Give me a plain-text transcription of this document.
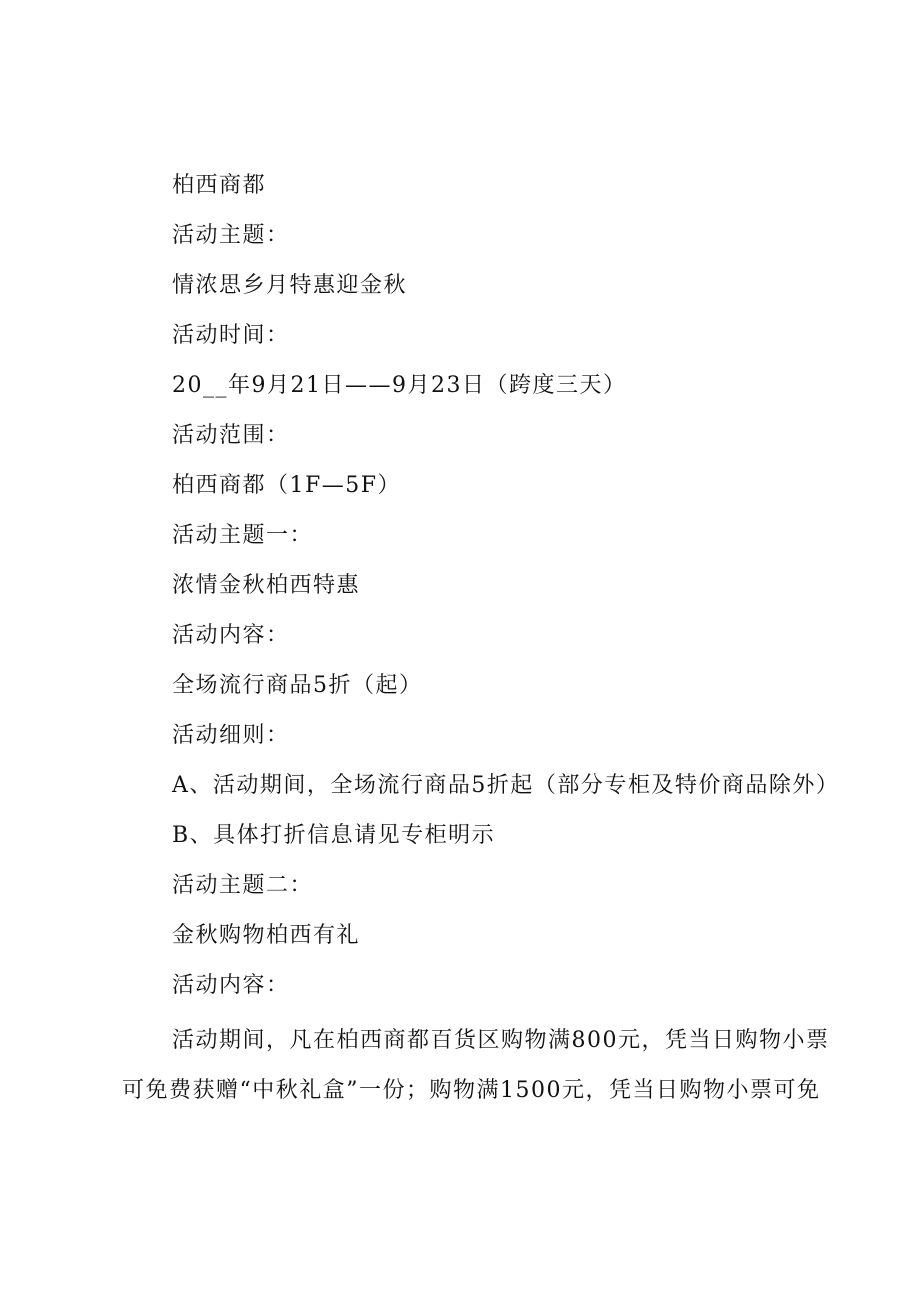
柏西商都

活动主题：

情浓思乡月特惠迎金秋

活动时间：

20__年9月21日——9月23日（跨度三天）

活动范围：

柏西商都（1F—5F）

活动主题一：

浓情金秋柏西特惠

活动内容：

全场流行商品5折（起）

活动细则：

A、活动期间，全场流行商品5折起（部分专柜及特价商品除外）

B、具体打折信息请见专柜明示

活动主题二：

金秋购物柏西有礼

活动内容：

活动期间，凡在柏西商都百货区购物满800元，凭当日购物小票
可免费获赠“中秋礼盒”一份；购物满1500元，凭当日购物小票可免
